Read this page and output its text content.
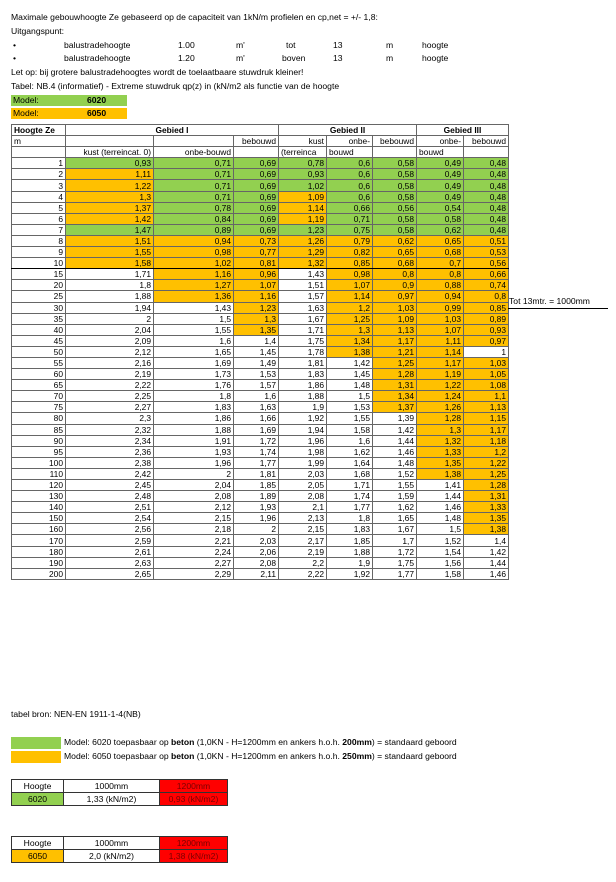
Maximale gebouwhoogte Ze gebaseerd op de capaciteit van 1kN/m profielen en cp,net = +/- 1,8:
Uitgangspunt:
•	balustradehoogte	1.00	m'	tot	13	m	hoogte
•	balustradehoogte	1.20	m'	boven	13	m	hoogte
Let op: bij grotere balustradehoogtes wordt de toelaatbaare stuwdruk kleiner!
Tabel: NB.4 (informatief) - Extreme stuwdruk qp(z) in (kN/m2 als functie van de hoogte
Model:	6020
Model:	6050
Hoogte Ze	Gebied I			Gebied II			Gebied III	
m			bebouwd	kust	onbe-	bebouwd	onbe-	bebouwd
	kust (terreincat. 0)	onbe-bouwd		(terreinca	bouwd		bouwd	
1	0,93	0,71	0,69	0,78	0,6	0,58	0,49	0,48
2	1,11	0,71	0,69	0,93	0,6	0,58	0,49	0,48
3	1,22	0,71	0,69	1,02	0,6	0,58	0,49	0,48
4	1,3	0,71	0,69	1,09	0,6	0,58	0,49	0,48
5	1,37	0,78	0,69	1,14	0,66	0,56	0,54	0,48
6	1,42	0,84	0,69	1,19	0,71	0,58	0,58	0,48
7	1,47	0,89	0,69	1,23	0,75	0,58	0,62	0,48
8	1,51	0,94	0,73	1,26	0,79	0,62	0,65	0,51
9	1,55	0,98	0,77	1,29	0,82	0,65	0,68	0,53
10	1,58	1,02	0,81	1,32	0,85	0,68	0,7	0,56
15	1,71	1,16	0,96	1,43	0,98	0,8	0,8	0,66
20	1,8	1,27	1,07	1,51	1,07	0,9	0,88	0,74
25	1,88	1,36	1,16	1,57	1,14	0,97	0,94	0,8
30	1,94	1,43	1,23	1,63	1,2	1,03	0,99	0,85
35	2	1,5	1,3	1,67	1,25	1,09	1,03	0,89
40	2,04	1,55	1,35	1,71	1,3	1,13	1,07	0,93
45	2,09	1,6	1,4	1,75	1,34	1,17	1,11	0,97
50	2,12	1,65	1,45	1,78	1,38	1,21	1,14	1
55	2,16	1,69	1,49	1,81	1,42	1,25	1,17	1,03
60	2,19	1,73	1,53	1,83	1,45	1,28	1,19	1,05
65	2,22	1,76	1,57	1,86	1,48	1,31	1,22	1,08
70	2,25	1,8	1,6	1,88	1,5	1,34	1,24	1,1
75	2,27	1,83	1,63	1,9	1,53	1,37	1,26	1,13
80	2,3	1,86	1,66	1,92	1,55	1,39	1,28	1,15
85	2,32	1,88	1,69	1,94	1,58	1,42	1,3	1,17
90	2,34	1,91	1,72	1,96	1,6	1,44	1,32	1,18
95	2,36	1,93	1,74	1,98	1,62	1,46	1,33	1,2
100	2,38	1,96	1,77	1,99	1,64	1,48	1,35	1,22
110	2,42	2	1,81	2,03	1,68	1,52	1,38	1,25
120	2,45	2,04	1,85	2,05	1,71	1,55	1,41	1,28
130	2,48	2,08	1,89	2,08	1,74	1,59	1,44	1,31
140	2,51	2,12	1,93	2,1	1,77	1,62	1,46	1,33
150	2,54	2,15	1,96	2,13	1,8	1,65	1,48	1,35
160	2,56	2,18	2	2,15	1,83	1,67	1,5	1,38
170	2,59	2,21	2,03	2,17	1,85	1,7	1,52	1,4
180	2,61	2,24	2,06	2,19	1,88	1,72	1,54	1,42
190	2,63	2,27	2,08	2,2	1,9	1,75	1,56	1,44
200	2,65	2,29	2,11	2,22	1,92	1,77	1,58	1,46
Tot 13mtr. = 1000mm
tabel bron: NEN-EN 1911-1-4(NB)
Model: 6020 toepasbaar op beton (1,0KN - H=1200mm en ankers h.o.h. 200mm) = standaard geboord
Model: 6050 toepasbaar op beton (1,0KN - H=1200mm en ankers h.o.h. 250mm) = standaard geboord
Hoogte	1000mm	1200mm
6020	1,33 (kN/m2)	0,93 (kN/m2)
Hoogte	1000mm	1200mm
6050	2,0 (kN/m2)	1,38 (kN/m2)
